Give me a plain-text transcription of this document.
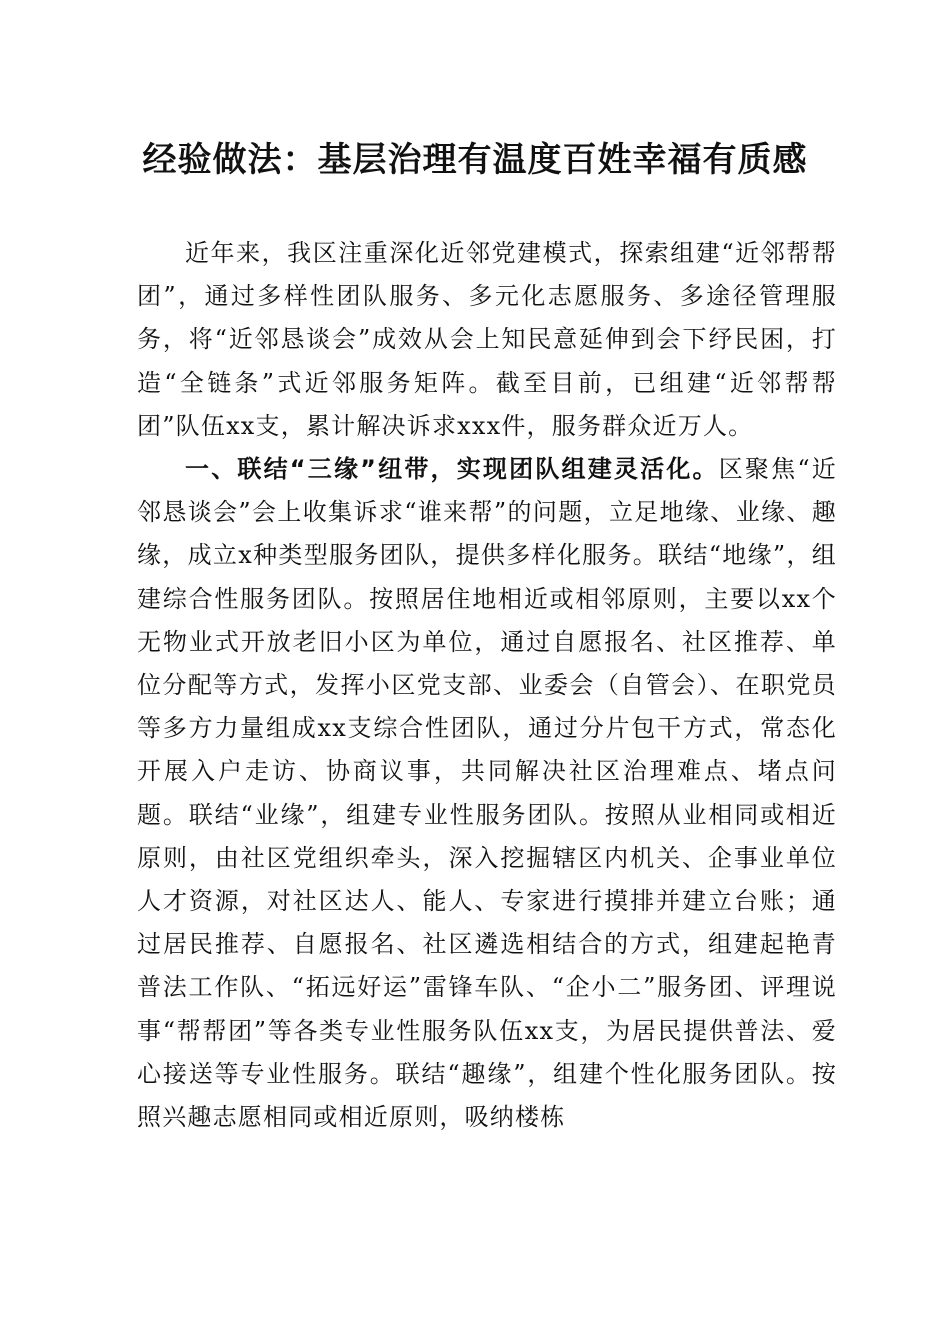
经验做法：基层治理有温度百姓幸福有质感

近年来，我区注重深化近邻党建模式，探索组建“近邻帮帮团”，通过多样性团队服务、多元化志愿服务、多途径管理服务，将“近邻恳谈会”成效从会上知民意延伸到会下纾民困，打造“全链条”式近邻服务矩阵。截至目前，已组建“近邻帮帮团”队伍xx支，累计解决诉求xxx件，服务群众近万人。

一、联结“三缘”纽带，实现团队组建灵活化。区聚焦“近邻恳谈会”会上收集诉求“谁来帮”的问题，立足地缘、业缘、趣缘，成立x种类型服务团队，提供多样化服务。联结“地缘”，组建综合性服务团队。按照居住地相近或相邻原则，主要以xx个无物业式开放老旧小区为单位，通过自愿报名、社区推荐、单位分配等方式，发挥小区党支部、业委会（自管会）、在职党员等多方力量组成xx支综合性团队，通过分片包干方式，常态化开展入户走访、协商议事，共同解决社区治理难点、堵点问题。联结“业缘”，组建专业性服务团队。按照从业相同或相近原则，由社区党组织牵头，深入挖掘辖区内机关、企事业单位人才资源，对社区达人、能人、专家进行摸排并建立台账；通过居民推荐、自愿报名、社区遴选相结合的方式，组建起艳青普法工作队、“拓远好运”雷锋车队、“企小二”服务团、评理说事“帮帮团”等各类专业性服务队伍xx支，为居民提供普法、爱心接送等专业性服务。联结“趣缘”，组建个性化服务团队。按照兴趣志愿相同或相近原则，吸纳楼栋
